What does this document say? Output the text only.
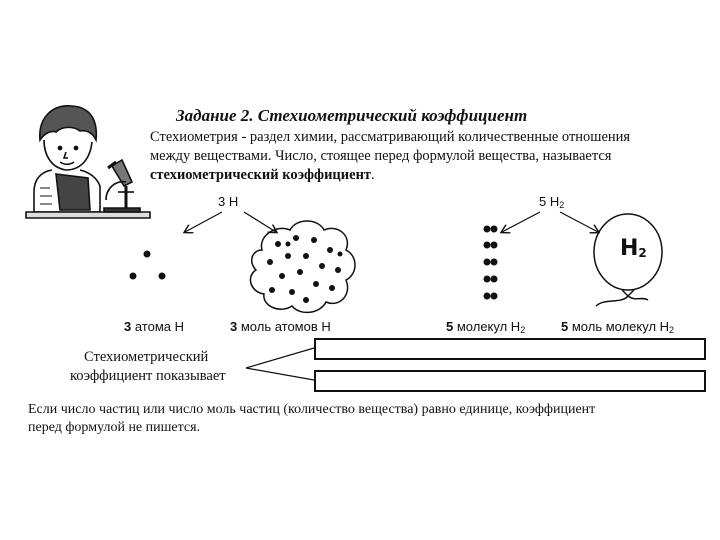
Задание 2. Стехиометрический коэффициент
Стехиометрия - раздел химии, рассматривающий количественные отношения
между веществами. Число, стоящее перед формулой вещества, называется
стехиометрический коэффициент.
3 H	5 $H_2$
$H_2$
3 атома H	3 моль атомов H	5 молекул $H_2$	5 моль молекул $H_2$
Стехиометрический
коэффициент показывает
Если число частиц или число моль частиц (количество вещества) равно единице, коэффициент
перед формулой не пишется.
